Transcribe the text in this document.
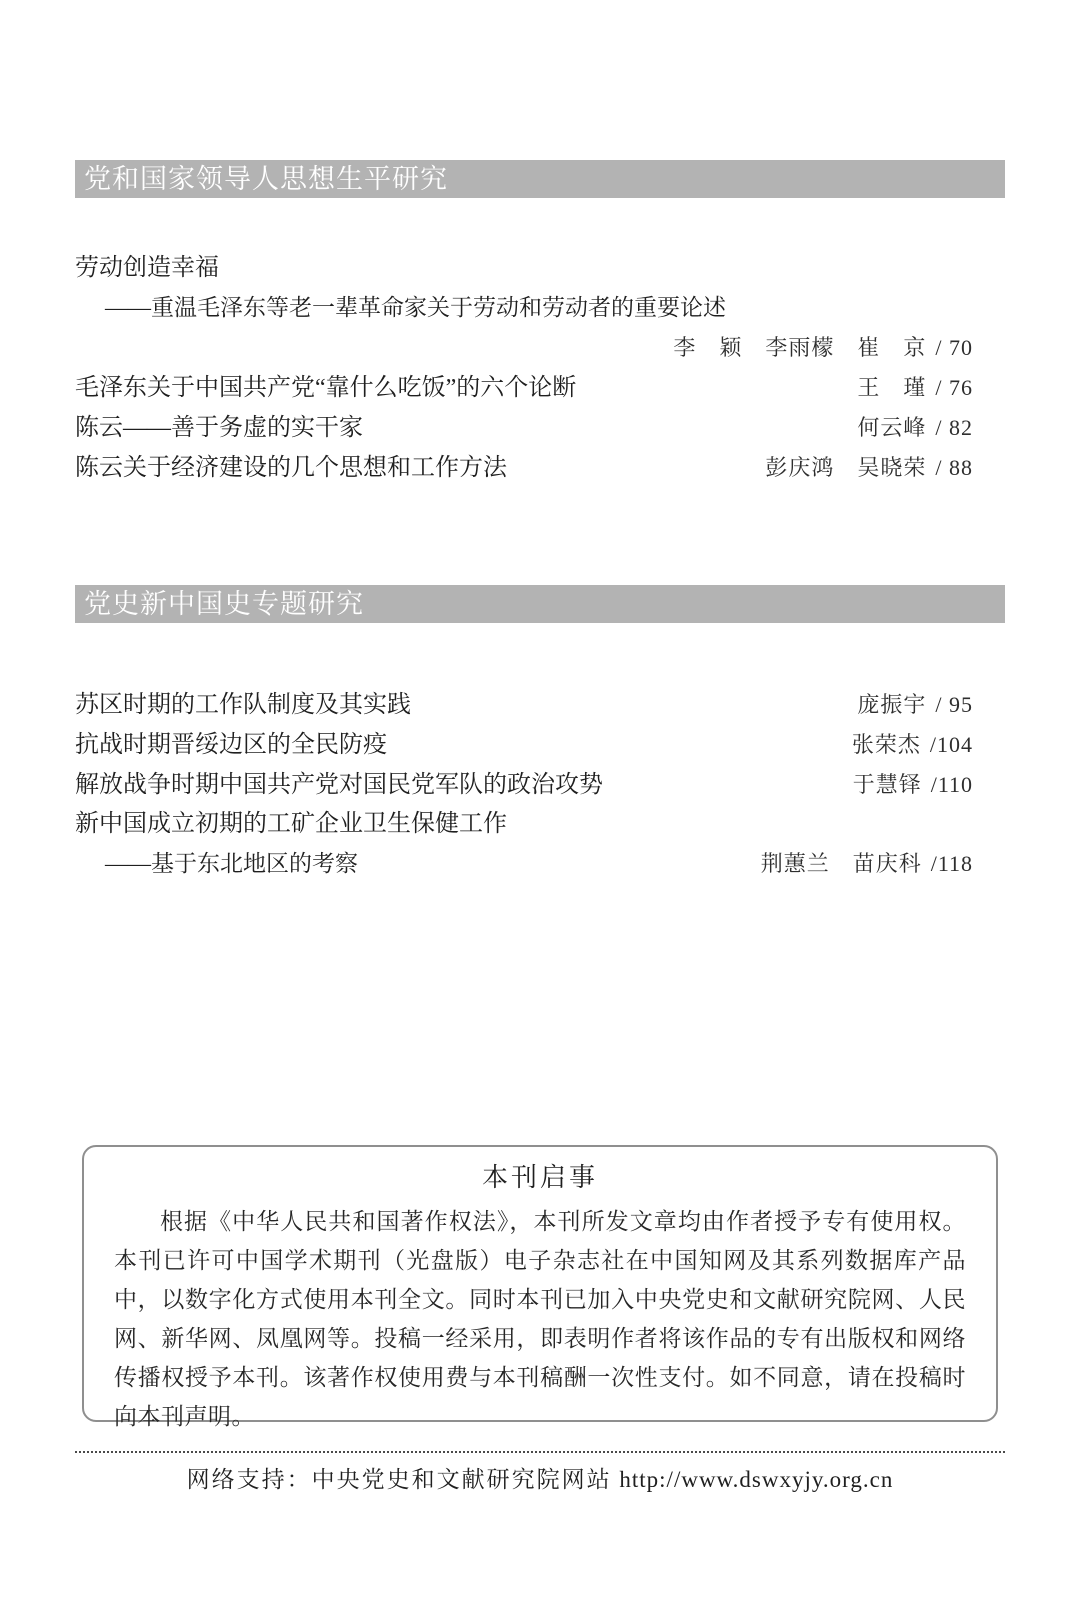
党和国家领导人思想生平研究
劳动创造幸福
——重温毛泽东等老一辈革命家关于劳动和劳动者的重要论述
李　颖　李雨檬　崔　京 / 70
毛泽东关于中国共产党“靠什么吃饭”的六个论断	王　瑾 / 76
陈云——善于务虚的实干家	何云峰 / 82
陈云关于经济建设的几个思想和工作方法	彭庆鸿　吴晓荣 / 88
党史新中国史专题研究
苏区时期的工作队制度及其实践	庞振宇 / 95
抗战时期晋绥边区的全民防疫	张荣杰 /104
解放战争时期中国共产党对国民党军队的政治攻势	于慧铎 /110
新中国成立初期的工矿企业卫生保健工作
——基于东北地区的考察	荆蕙兰　苗庆科 /118
本刊启事
根据《中华人民共和国著作权法》，本刊所发文章均由作者授予专有使用权。本刊已许可中国学术期刊（光盘版）电子杂志社在中国知网及其系列数据库产品中，以数字化方式使用本刊全文。同时本刊已加入中央党史和文献研究院网、人民网、新华网、凤凰网等。投稿一经采用，即表明作者将该作品的专有出版权和网络传播权授予本刊。该著作权使用费与本刊稿酬一次性支付。如不同意，请在投稿时向本刊声明。
网络支持：中央党史和文献研究院网站 http://www.dswxyjy.org.cn
